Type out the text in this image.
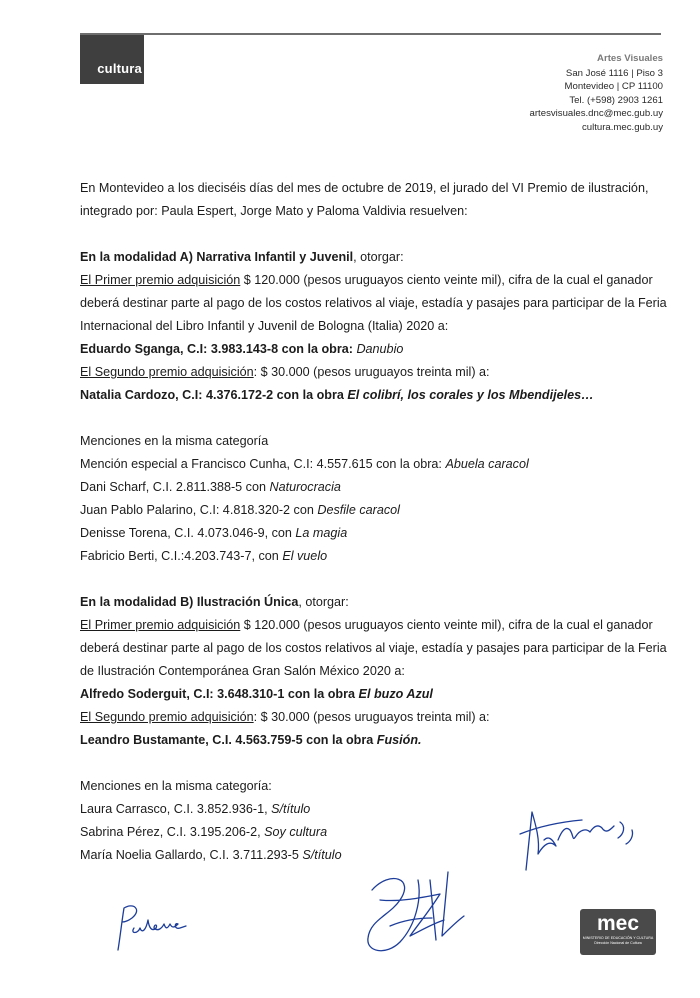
cultura
Artes Visuales
San José 1116 | Piso 3
Montevideo | CP 11100
Tel. (+598) 2903 1261
artesvisuales.dnc@mec.gub.uy
cultura.mec.gub.uy

En Montevideo a los dieciséis días del mes de octubre de 2019, el jurado del VI Premio de ilustración, integrado por: Paula Espert, Jorge Mato y Paloma Valdivia resuelven:

En la modalidad A) Narrativa Infantil y Juvenil, otorgar:

El Primer premio adquisición $ 120.000 (pesos uruguayos ciento veinte mil), cifra de la cual el ganador deberá destinar parte al pago de los costos relativos al viaje, estadía y pasajes para participar de la Feria Internacional del Libro Infantil y Juvenil de Bologna (Italia) 2020 a:

Eduardo Sganga, C.I: 3.983.143-8 con la obra: Danubio

El Segundo premio adquisición: $ 30.000 (pesos uruguayos treinta mil) a:

Natalia Cardozo, C.I: 4.376.172-2 con la obra El colibrí, los corales y los Mbendijeles…

Menciones en la misma categoría

Mención especial a Francisco Cunha, C.I: 4.557.615 con la obra: Abuela caracol

Dani Scharf, C.I. 2.811.388-5 con Naturocracia

Juan Pablo Palarino, C.I: 4.818.320-2 con Desfile caracol

Denisse Torena, C.I. 4.073.046-9, con La magia

Fabricio Berti, C.I.:4.203.743-7, con El vuelo

En la modalidad B) Ilustración Única, otorgar:

El Primer premio adquisición $ 120.000 (pesos uruguayos ciento veinte mil), cifra de la cual el ganador deberá destinar parte al pago de los costos relativos al viaje, estadía y pasajes para participar de la Feria de Ilustración Contemporánea Gran Salón México 2020 a:

Alfredo Soderguit, C.I: 3.648.310-1 con la obra El buzo Azul

El Segundo premio adquisición: $ 30.000 (pesos uruguayos treinta mil) a:

Leandro Bustamante, C.I. 4.563.759-5 con la obra Fusión.

Menciones en la misma categoría:

Laura Carrasco, C.I. 3.852.936-1, S/título

Sabrina Pérez, C.I. 3.195.206-2, Soy cultura

María Noelia Gallardo, C.I. 3.711.293-5 S/título

mec
MINISTERIO DE EDUCACIÓN Y CULTURA
Dirección Nacional de Cultura
